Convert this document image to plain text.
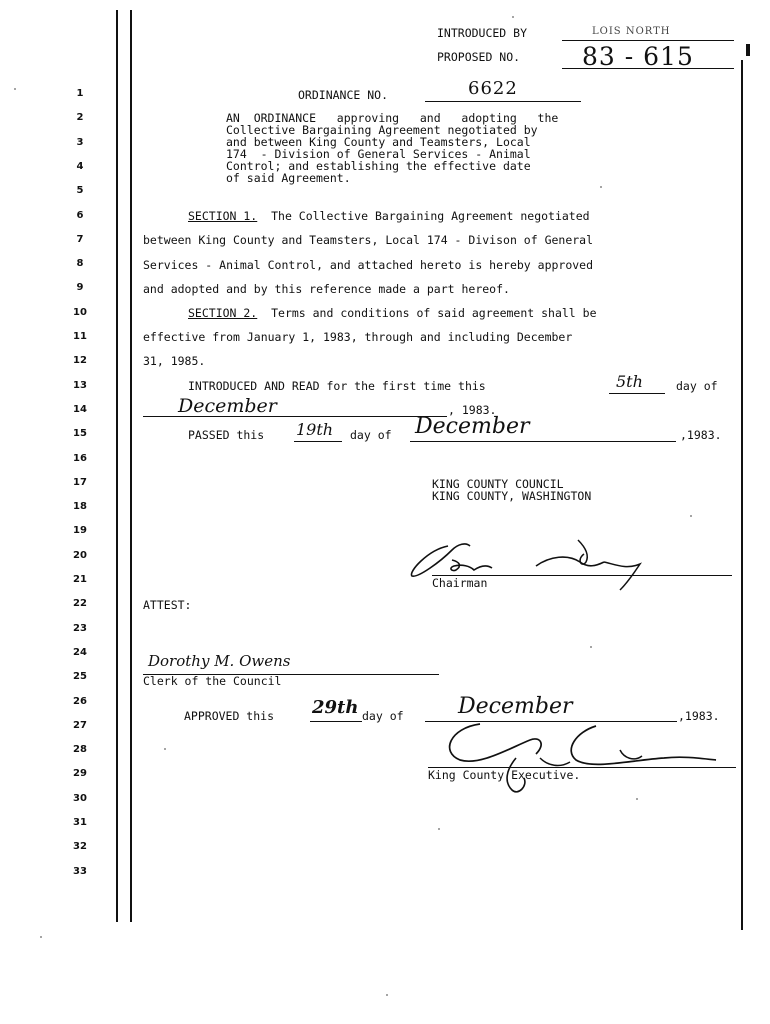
INTRODUCED BY	LOIS NORTH
PROPOSED NO. 83 - 615
ORDINANCE NO.	6622
AN  ORDINANCE   approving   and   adopting   the
Collective Bargaining Agreement negotiated by
and between King County and Teamsters, Local
174  - Division of General Services - Animal
Control; and establishing the effective date
of said Agreement.
SECTION 1.  The Collective Bargaining Agreement negotiated
between King County and Teamsters, Local 174 - Divison of General
Services - Animal Control, and attached hereto is hereby approved
and adopted and by this reference made a part hereof.
SECTION 2.  Terms and conditions of said agreement shall be
effective from January 1, 1983, through and including December
31, 1985.
INTRODUCED AND READ for the first time this	5th	day of
December	, 1983.
PASSED this 19th day of December	,1983.
KING COUNTY COUNCIL
KING COUNTY, WASHINGTON
Chairman
ATTEST:
Dorothy M. Owens
Clerk of the Council
APPROVED this 29th day of December	,1983.
King County Executive.
1
2
3
4
5
6
7
8
9
10
11
12
13
14
15
16
17
18
19
20
21
22
23
24
25
26
27
28
29
30
31
32
33
